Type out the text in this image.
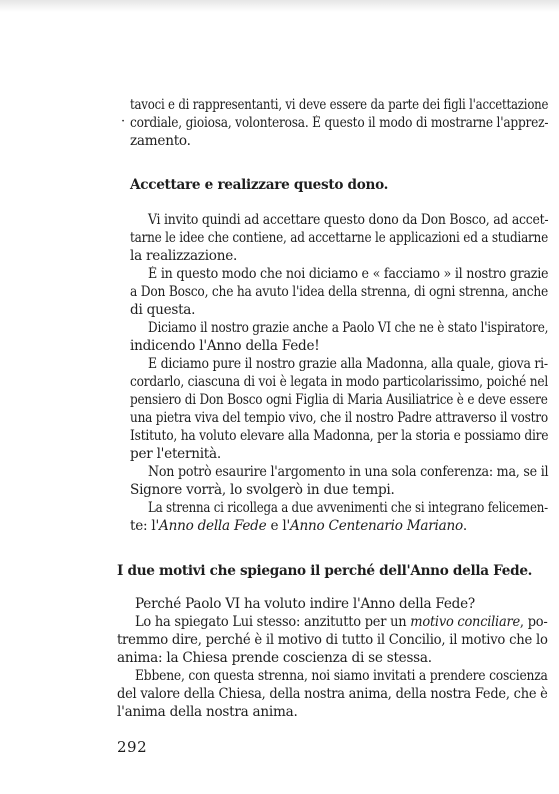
tavoci e di rappresentanti, vi deve essere da parte dei figli l'accettazione
· cordiale, gioiosa, volonterosa. È questo il modo di mostrarne l'apprez-
zamento.
Accettare e realizzare questo dono.
Vi invito quindi ad accettare questo dono da Don Bosco, ad accet-
tarne le idee che contiene, ad accettarne le applicazioni ed a studiarne
la realizzazione.
È in questo modo che noi diciamo e « facciamo » il nostro grazie
a Don Bosco, che ha avuto l'idea della strenna, di ogni strenna, anche
di questa.
Diciamo il nostro grazie anche a Paolo VI che ne è stato l'ispiratore,
indicendo l'Anno della Fede!
E diciamo pure il nostro grazie alla Madonna, alla quale, giova ri-
cordarlo, ciascuna di voi è legata in modo particolarissimo, poiché nel
pensiero di Don Bosco ogni Figlia di Maria Ausiliatrice è e deve essere
una pietra viva del tempio vivo, che il nostro Padre attraverso il vostro
Istituto, ha voluto elevare alla Madonna, per la storia e possiamo dire
per l'eternità.
Non potrò esaurire l'argomento in una sola conferenza: ma, se il
Signore vorrà, lo svolgerò in due tempi.
La strenna ci ricollega a due avvenimenti che si integrano felicemen-
te: l'Anno della Fede e l'Anno Centenario Mariano.
I due motivi che spiegano il perché dell'Anno della Fede.
Perché Paolo VI ha voluto indire l'Anno della Fede?
Lo ha spiegato Lui stesso: anzitutto per un motivo conciliare, po-
tremmo dire, perché è il motivo di tutto il Concilio, il motivo che lo
anima: la Chiesa prende coscienza di se stessa.
Ebbene, con questa strenna, noi siamo invitati a prendere coscienza
del valore della Chiesa, della nostra anima, della nostra Fede, che è
l'anima della nostra anima.
292
